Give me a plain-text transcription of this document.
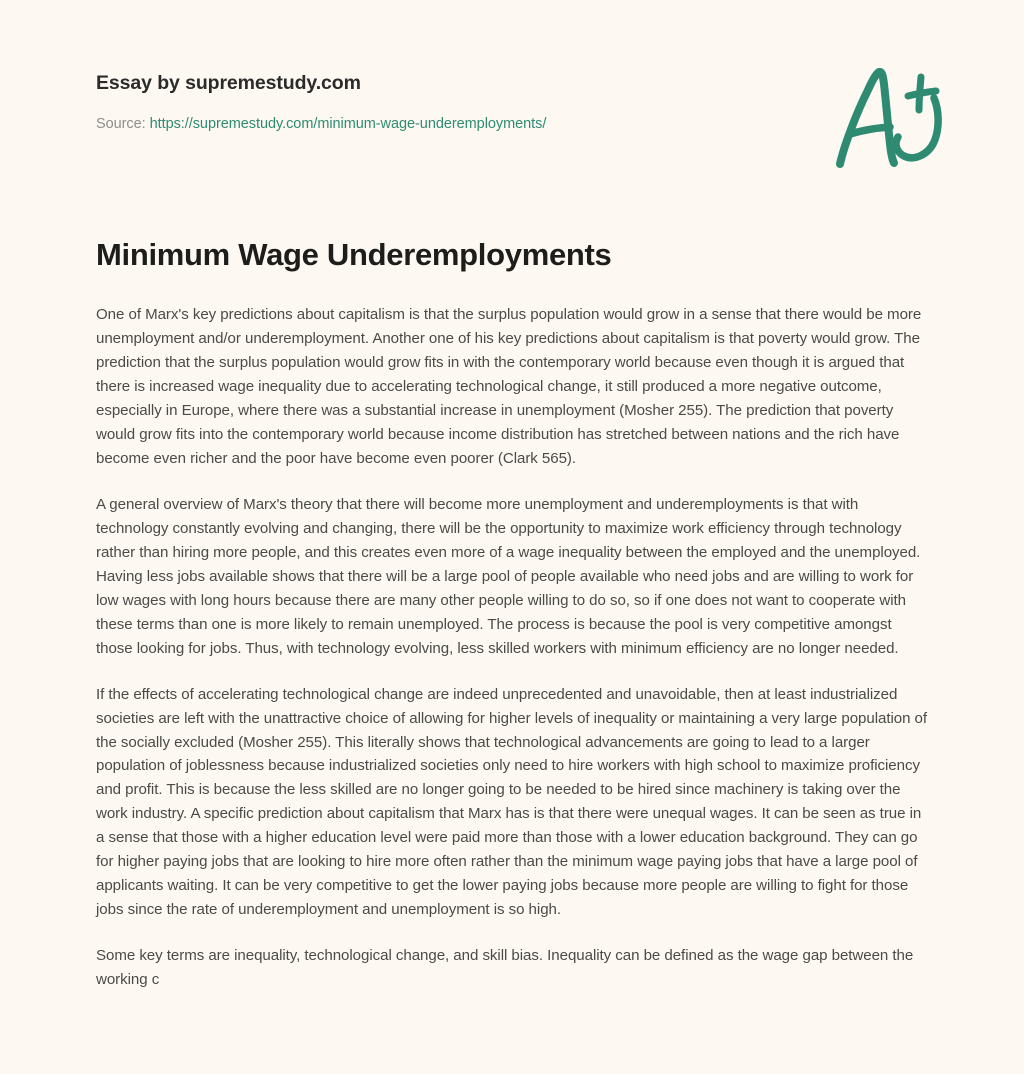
Essay by supremestudy.com
Source: https://supremestudy.com/minimum-wage-underemployments/
Minimum Wage Underemployments

One of Marx's key predictions about capitalism is that the surplus population would grow in a sense that there would be more unemployment and/or underemployment. Another one of his key predictions about capitalism is that poverty would grow. The prediction that the surplus population would grow fits in with the contemporary world because even though it is argued that there is increased wage inequality due to accelerating technological change, it still produced a more negative outcome, especially in Europe, where there was a substantial increase in unemployment (Mosher 255). The prediction that poverty would grow fits into the contemporary world because income distribution has stretched between nations and the rich have become even richer and the poor have become even poorer (Clark 565).

A general overview of Marx's theory that there will become more unemployment and underemployments is that with technology constantly evolving and changing, there will be the opportunity to maximize work efficiency through technology rather than hiring more people, and this creates even more of a wage inequality between the employed and the unemployed. Having less jobs available shows that there will be a large pool of people available who need jobs and are willing to work for low wages with long hours because there are many other people willing to do so, so if one does not want to cooperate with these terms than one is more likely to remain unemployed. The process is because the pool is very competitive amongst those looking for jobs. Thus, with technology evolving, less skilled workers with minimum efficiency are no longer needed.

If the effects of accelerating technological change are indeed unprecedented and unavoidable, then at least industrialized societies are left with the unattractive choice of allowing for higher levels of inequality or maintaining a very large population of the socially excluded (Mosher 255). This literally shows that technological advancements are going to lead to a larger population of joblessness because industrialized societies only need to hire workers with high school to maximize proficiency and profit. This is because the less skilled are no longer going to be needed to be hired since machinery is taking over the work industry. A specific prediction about capitalism that Marx has is that there were unequal wages. It can be seen as true in a sense that those with a higher education level were paid more than those with a lower education background. They can go for higher paying jobs that are looking to hire more often rather than the minimum wage paying jobs that have a large pool of applicants waiting. It can be very competitive to get the lower paying jobs because more people are willing to fight for those jobs since the rate of underemployment and unemployment is so high.

Some key terms are inequality, technological change, and skill bias. Inequality can be defined as the wage gap between the working c
